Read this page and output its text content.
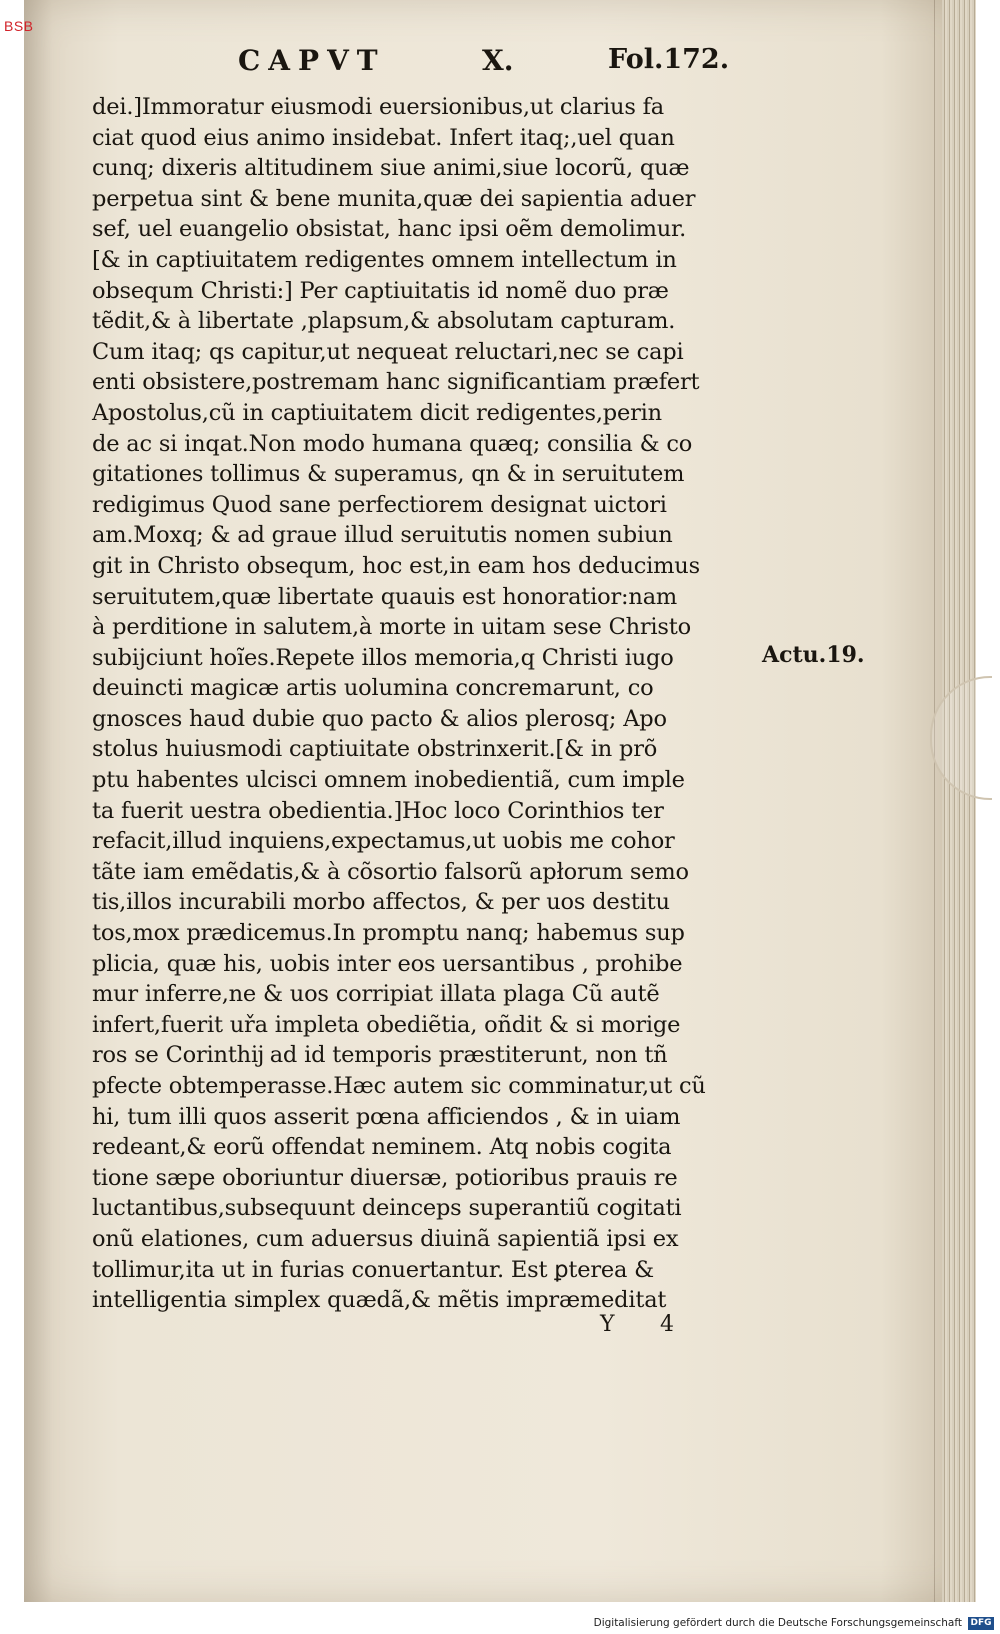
BSB
CAPVT	X.	Fol.172.
dei.]Immoratur eiusmodi euersionibus,ut clarius fa
ciat quod eius animo insidebat. Infert itaq;,uel quan
cunq; dixeris altitudinem siue animi,siue locorũ, quæ
perpetua sint & bene munita,quæ dei sapientia aduer
sef, uel euangelio obsistat, hanc ipsi oẽm demolimur.
[& in captiuitatem redigentes omnem intellectum in
obsequm Christi:] Per captiuitatis id nomẽ duo præ
tẽdit,& à libertate ,plapsum,& absolutam capturam.
Cum itaq; qs capitur,ut nequeat reluctari,nec se capi
enti obsistere,postremam hanc significantiam præfert
Apostolus,cũ in captiuitatem dicit redigentes,perin
de ac si inqat.Non modo humana quæq; consilia & co
gitationes tollimus & superamus, qn & in seruitutem
redigimus Quod sane perfectiorem designat uictori
am.Moxq; & ad graue illud seruitutis nomen subiun
git in Christo obsequm, hoc est,in eam hos deducimus
seruitutem,quæ libertate quauis est honoratior:nam
à perditione in salutem,à morte in uitam sese Christo
subijciunt hoĩes.Repete illos memoria,q Christi iugo
deuincti magicæ artis uolumina concremarunt, co
gnosces haud dubie quo pacto & alios plerosq; Apo
stolus huiusmodi captiuitate obstrinxerit.[& in prõ
ptu habentes ulcisci omnem inobedientiã, cum imple
ta fuerit uestra obedientia.]Hoc loco Corinthios ter
refacit,illud inquiens,expectamus,ut uobis me cohor
tãte iam emẽdatis,& à cõsortio falsorũ apłorum semo
tis,illos incurabili morbo affectos, & per uos destitu
tos,mox prædicemus.In promptu nanq; habemus sup
plicia, quæ his, uobis inter eos uersantibus , prohibe
mur inferre,ne & uos corripiat illata plaga Cũ autẽ
infert,fuerit uřa impleta obediẽtia, oñdit & si morige
ros se Corinthĳ ad id temporis præstiterunt, non tñ
pfecte obtemperasse.Hæc autem sic comminatur,ut cũ
hi, tum illi quos asserit pœna afficiendos , & in uiam
redeant,& eorũ offendat neminem. Atq nobis cogita
tione sæpe oboriuntur diuersæ, potioribus prauis re
luctantibus,subsequunt deinceps superantiũ cogitati
onũ elationes, cum aduersus diuinã sapientiã ipsi ex
tollimur,ita ut in furias conuertantur. Est ꝑterea &
intelligentia simplex quædã,& mẽtis impræmeditat
Actu.19.
Y 4
Digitalisierung gefördert durch die Deutsche Forschungsgemeinschaft DFG
